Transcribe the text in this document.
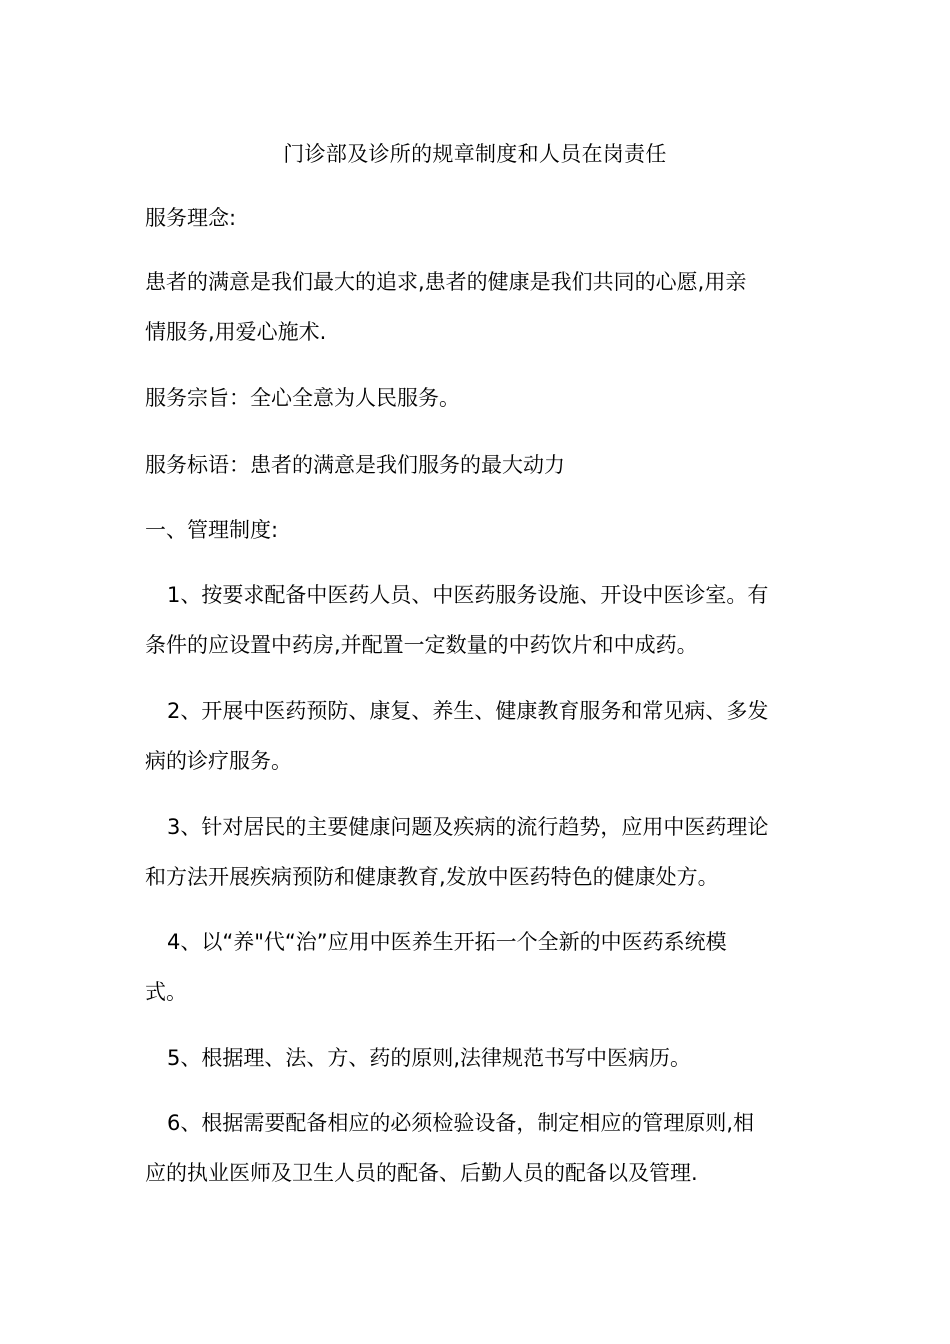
门诊部及诊所的规章制度和人员在岗责任

服务理念:

患者的满意是我们最大的追求,患者的健康是我们共同的心愿,用亲
情服务,用爱心施术.

服务宗旨：全心全意为人民服务。

服务标语：患者的满意是我们服务的最大动力

一、管理制度:

1、按要求配备中医药人员、中医药服务设施、开设中医诊室。有
条件的应设置中药房,并配置一定数量的中药饮片和中成药。

2、开展中医药预防、康复、养生、健康教育服务和常见病、多发
病的诊疗服务。

3、针对居民的主要健康问题及疾病的流行趋势，应用中医药理论
和方法开展疾病预防和健康教育,发放中医药特色的健康处方。

4、以“养"代“治”应用中医养生开拓一个全新的中医药系统模
式。

5、根据理、法、方、药的原则,法律规范书写中医病历。

6、根据需要配备相应的必须检验设备，制定相应的管理原则,相
应的执业医师及卫生人员的配备、后勤人员的配备以及管理.
